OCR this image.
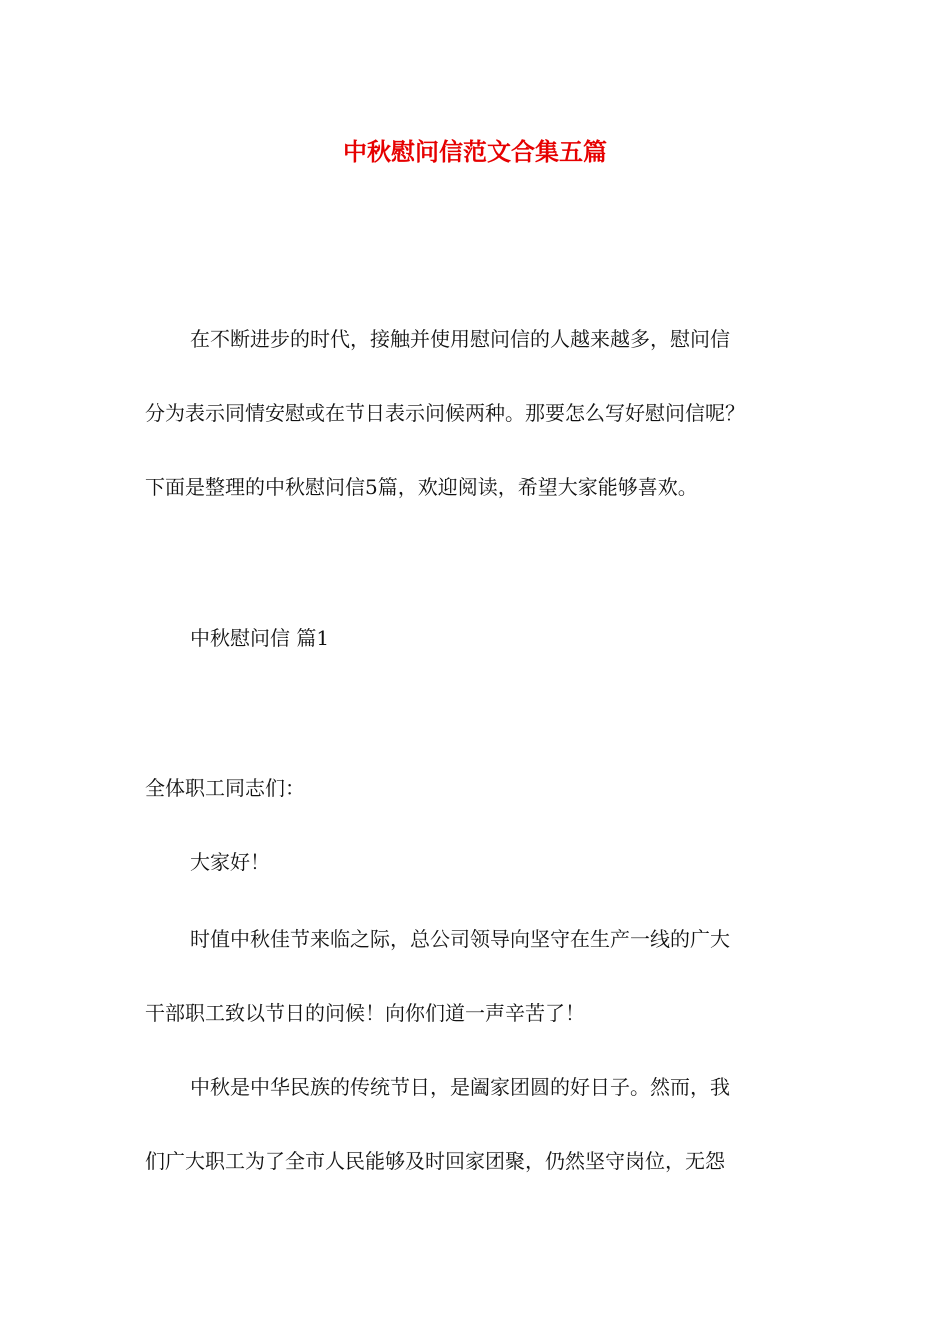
中秋慰问信范文合集五篇
在不断进步的时代，接触并使用慰问信的人越来越多，慰问信
分为表示同情安慰或在节日表示问候两种。那要怎么写好慰问信呢？
下面是整理的中秋慰问信5篇，欢迎阅读，希望大家能够喜欢。

中秋慰问信 篇1

全体职工同志们：

大家好！

时值中秋佳节来临之际，总公司领导向坚守在生产一线的广大
干部职工致以节日的问候！向你们道一声辛苦了！
中秋是中华民族的传统节日，是阖家团圆的好日子。然而，我
们广大职工为了全市人民能够及时回家团聚，仍然坚守岗位，无怨
